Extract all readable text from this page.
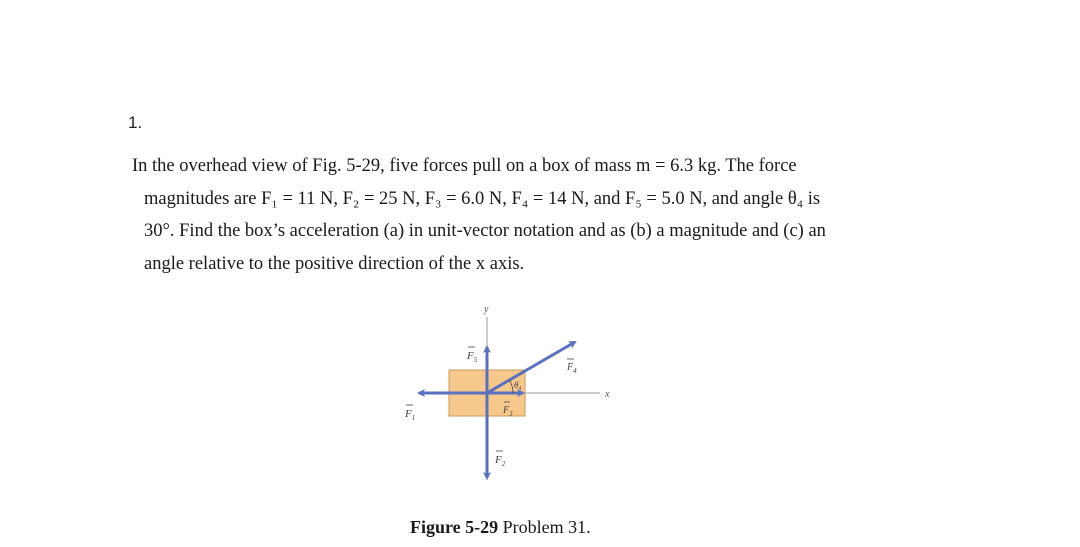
1.

In the overhead view of Fig. 5-29, five forces pull on a box of mass m = 6.3 kg. The force
magnitudes are F₁ = 11 N, F₂ = 25 N, F₃ = 6.0 N, F₄ = 14 N, and F₅ = 5.0 N, and angle θ₄ is
30°. Find the box’s acceleration (a) in unit-vector notation and as (b) a magnitude and (c) an
angle relative to the positive direction of the x axis.

y
x
$F_1$
$F_2$
$F_5$
$F_3$
$F_4$
$\theta_4$
Figure 5-29 Problem 31.
